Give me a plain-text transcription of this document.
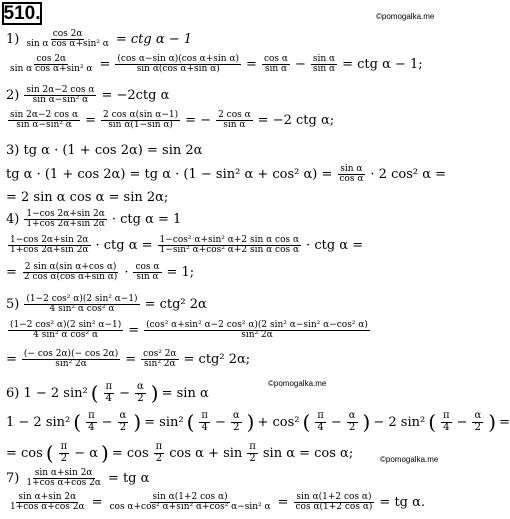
510.	©pomogalka.me
©pomogalka.me
©pomogalka.me
$1) \frac{\cos 2\alpha}{\text{sin α cos α+sin² α}}$ = ctg α − 1
$\frac{\cos 2\alpha}{\text{sin α cos α+sin² α}} = \frac{\text{(cos α−sin α)(cos α+sin α)}}{\text{sin α(cos α+sin α)}} = \frac{\text{cos α}}{\text{sin α}} - \frac{\text{sin α}}{\text{sin α}}$ = ctg α − 1;
$2) \frac{\text{sin 2α−2 cos α}}{\text{sin α−sin² α}} = -2ctg$ α
$\frac{\text{sin 2α−2 cos α}}{\text{sin α−sin² α}} = \frac{\text{2 cos α(sin α−1)}}{\text{sin α(1−sin α)}}$ = − $\frac{\text{2 cos α}}{\text{sin α}} = -2$ ctg α;
3) tg α · (1 + cos 2α) = sin 2α
tg α · (1 + cos 2α) = tg α · (1 − sin² α + cos² $\alpha) = \frac{\text{sin α}}{\text{cos α}} \cdot 2$ cos² α =
= 2 sin α cos α = sin 2α;
$4) \frac{1-\cos 2\alpha+\sin 2\alpha}{1+\cos 2\alpha+\sin 2\alpha}$ · ctg α = 1
$\frac{1-\cos 2\alpha+\sin 2\alpha}{1+\cos 2\alpha+\sin 2\alpha}$ · ctg $\alpha = \frac{\text{1−cos² α+sin² α+2 sin α cos α}}{\text{1−sin² α+cos² α+2 sin α cos α}}$ · ctg α =
= $\frac{\text{2 sin α(sin α+cos α)}}{\text{2 cos α(cos α+sin α)}} \cdot \frac{\text{cos α}}{\text{sin α}} = 1$;
$5) \frac{\text{(1−2 cos² α)(2 sin² α−1)}}{\text{4 sin² α cos² α}} = ctg^2$ 2α
$\frac{\text{(1−2 cos² α)(2 sin² α−1)}}{\text{4 sin² α cos² α}} = \frac{\text{(cos² α+sin² α−2 cos² α)(2 sin² α−sin² α−cos² α)}}{\text{sin² 2α}}$
= $\frac{(- \cos 2\alpha)(- \cos 2\alpha)}{\text{sin² 2α}} = \frac{\text{cos² 2α}}{\text{sin² 2α}} = ctg^2$ 2α;
6) 1 − 2 sin² ( $\frac{\pi}{4} - \frac{\alpha}{2}$ ) = sin α
1 − 2 sin² ( $\frac{\pi}{4} - \frac{\alpha}{2}$ ) = sin² ( $\frac{\pi}{4} - \frac{\alpha}{2}$ ) + cos² ( $\frac{\pi}{4} - \frac{\alpha}{2}$ ) − 2 sin² ( $\frac{\pi}{4} - \frac{\alpha}{2}$ ) =
= cos ( $\frac{\pi}{2} - \alpha$ ) = $\cos \frac{\pi}{2}$ $\cos \alpha + \sin \frac{\pi}{2}$ sin α = cos α;
$7) \frac{\text{sin α+sin 2α}}{\text{1+cos α+cos 2α}}$ = tg α
$\frac{\text{sin α+sin 2α}}{\text{1+cos α+cos 2α}} = \frac{\text{sin α(1+2 cos α)}}{\text{cos α+cos² α+sin² α+cos² α−sin² α}} = \frac{\text{sin α(1+2 cos α)}}{\text{cos α(1+2 cos α)}}$ = tg α.
